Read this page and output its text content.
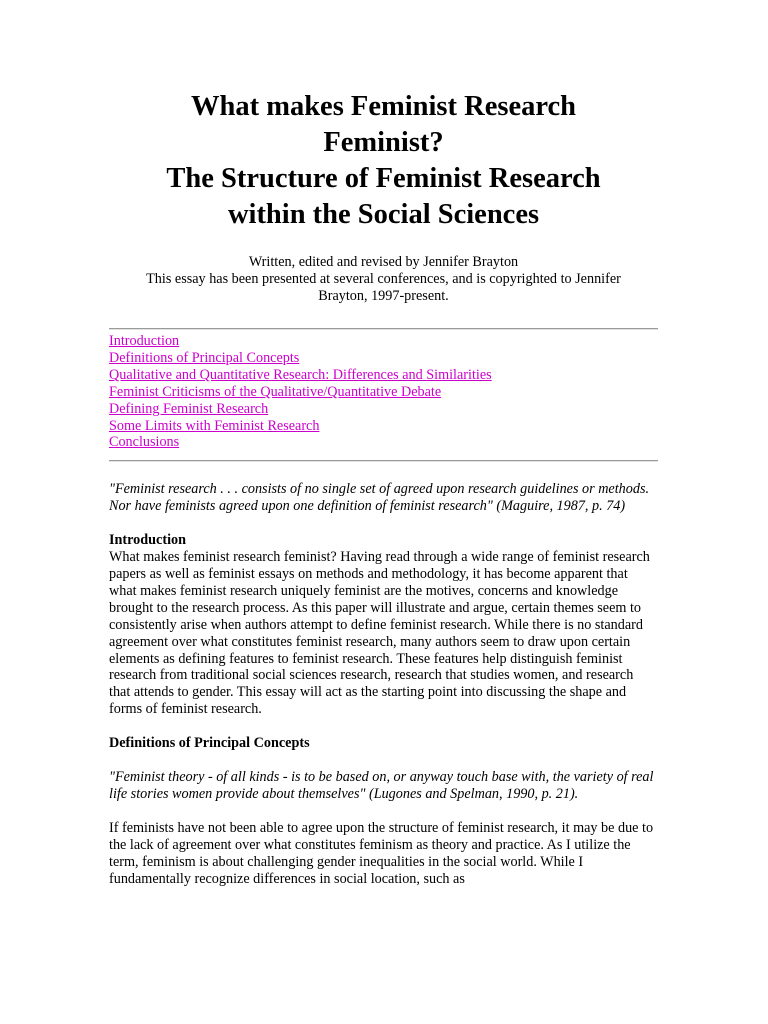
What makes Feminist Research
Feminist?
The Structure of Feminist Research
within the Social Sciences
Written, edited and revised by Jennifer Brayton
This essay has been presented at several conferences, and is copyrighted to Jennifer
Brayton, 1997-present.
Introduction
Definitions of Principal Concepts
Qualitative and Quantitative Research: Differences and Similarities
Feminist Criticisms of the Qualitative/Quantitative Debate
Defining Feminist Research
Some Limits with Feminist Research
Conclusions

"Feminist research . . . consists of no single set of agreed upon research guidelines or methods. Nor have feminists agreed upon one definition of feminist research" (Maguire, 1987, p. 74)

Introduction

What makes feminist research feminist? Having read through a wide range of feminist research papers as well as feminist essays on methods and methodology, it has become apparent that what makes feminist research uniquely feminist are the motives, concerns and knowledge brought to the research process. As this paper will illustrate and argue, certain themes seem to consistently arise when authors attempt to define feminist research. While there is no standard agreement over what constitutes feminist research, many authors seem to draw upon certain elements as defining features to feminist research. These features help distinguish feminist research from traditional social sciences research, research that studies women, and research that attends to gender. This essay will act as the starting point into discussing the shape and forms of feminist research.

Definitions of Principal Concepts

"Feminist theory - of all kinds - is to be based on, or anyway touch base with, the variety of real life stories women provide about themselves" (Lugones and Spelman, 1990, p. 21).

If feminists have not been able to agree upon the structure of feminist research, it may be due to the lack of agreement over what constitutes feminism as theory and practice. As I utilize the term, feminism is about challenging gender inequalities in the social world. While I fundamentally recognize differences in social location, such as
